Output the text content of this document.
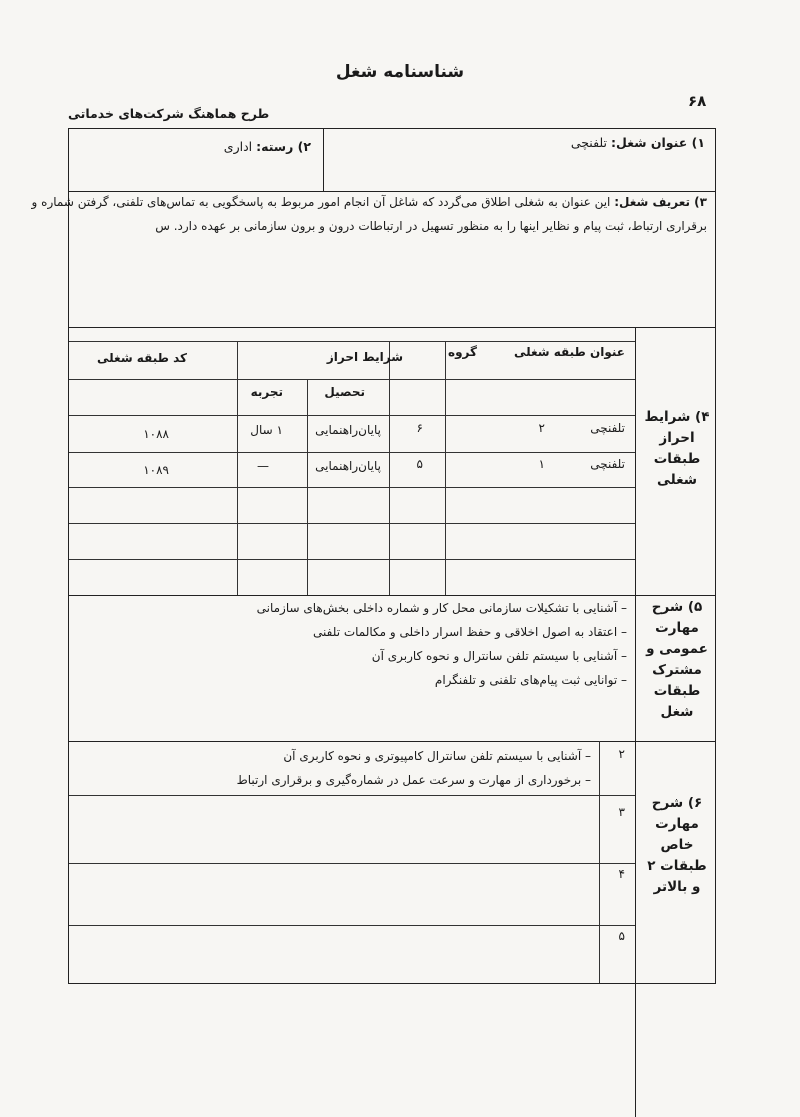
شناسنامه شغل
۶۸
طرح هماهنگ شرکت‌های خدماتی
۱) عنوان شغل: تلفنچی
۲) رسته: اداری
۳) تعریف شغل: این عنوان به شغلی اطلاق می‌گردد که شاغل آن انجام امور مربوط به پاسخگویی به تماس‌های تلفنی، گرفتن شماره و
برقراری ارتباط، ثبت پیام و نظایر اینها را به منظور تسهیل در ارتباطات درون و برون سازمانی بر عهده دارد. س
۴) شرایط
احراز
طبقات
شغلی
عنوان طبقه شغلی
گروه
شرایط احراز
تحصیل
تجربه
کد طبقه شغلی
تلفنچی
۲
۶
پایان‌راهنمایی
۱ سال
۱۰۸۸
تلفنچی
۱
۵
پایان‌راهنمایی
—
۱۰۸۹
۵) شرح
مهارت
عمومی و
مشترک
طبقات
شغل
– آشنایی با تشکیلات سازمانی محل کار و شماره داخلی بخش‌های سازمانی
– اعتقاد به اصول اخلاقی و حفظ اسرار داخلی و مکالمات تلفنی
– آشنایی با سیستم تلفن سانترال و نحوه کاربری آن
– توانایی ثبت پیام‌های تلفنی و تلفنگرام
۶) شرح
مهارت
خاص
طبقات ۲
و بالاتر
۲
۳
۴
۵
– آشنایی با سیستم تلفن سانترال کامپیوتری و نحوه کاربری آن
– برخورداری از مهارت و سرعت عمل در شماره‌گیری و برقراری ارتباط
